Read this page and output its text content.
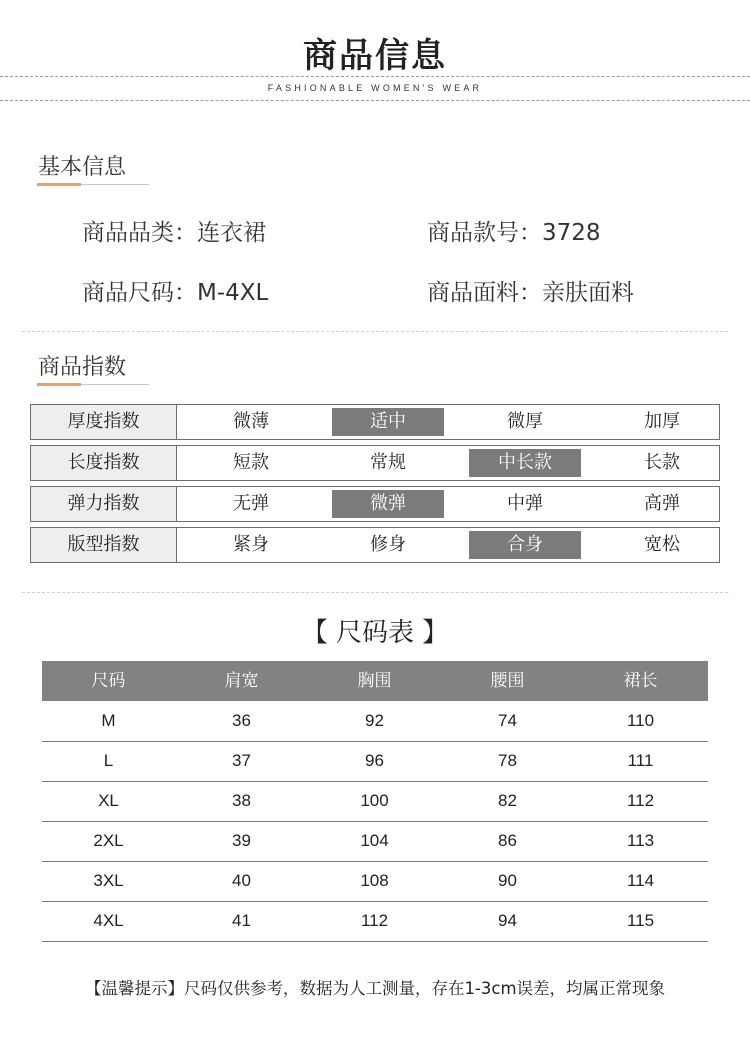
商品信息
FASHIONABLE WOMEN'S WEAR
基本信息
商品品类：连衣裙	商品款号：3728
商品尺码：M-4XL	商品面料：亲肤面料
商品指数
厚度指数	微薄	适中	微厚	加厚
长度指数	短款	常规	中长款	长款
弹力指数	无弹	微弹	中弹	高弹
版型指数	紧身	修身	合身	宽松
【 尺码表 】
尺码	肩宽	胸围	腰围	裙长
M	36	92	74	110
L	37	96	78	111
XL	38	100	82	112
2XL	39	104	86	113
3XL	40	108	90	114
4XL	41	112	94	115
【温馨提示】尺码仅供参考，数据为人工测量，存在1-3cm误差，均属正常现象
